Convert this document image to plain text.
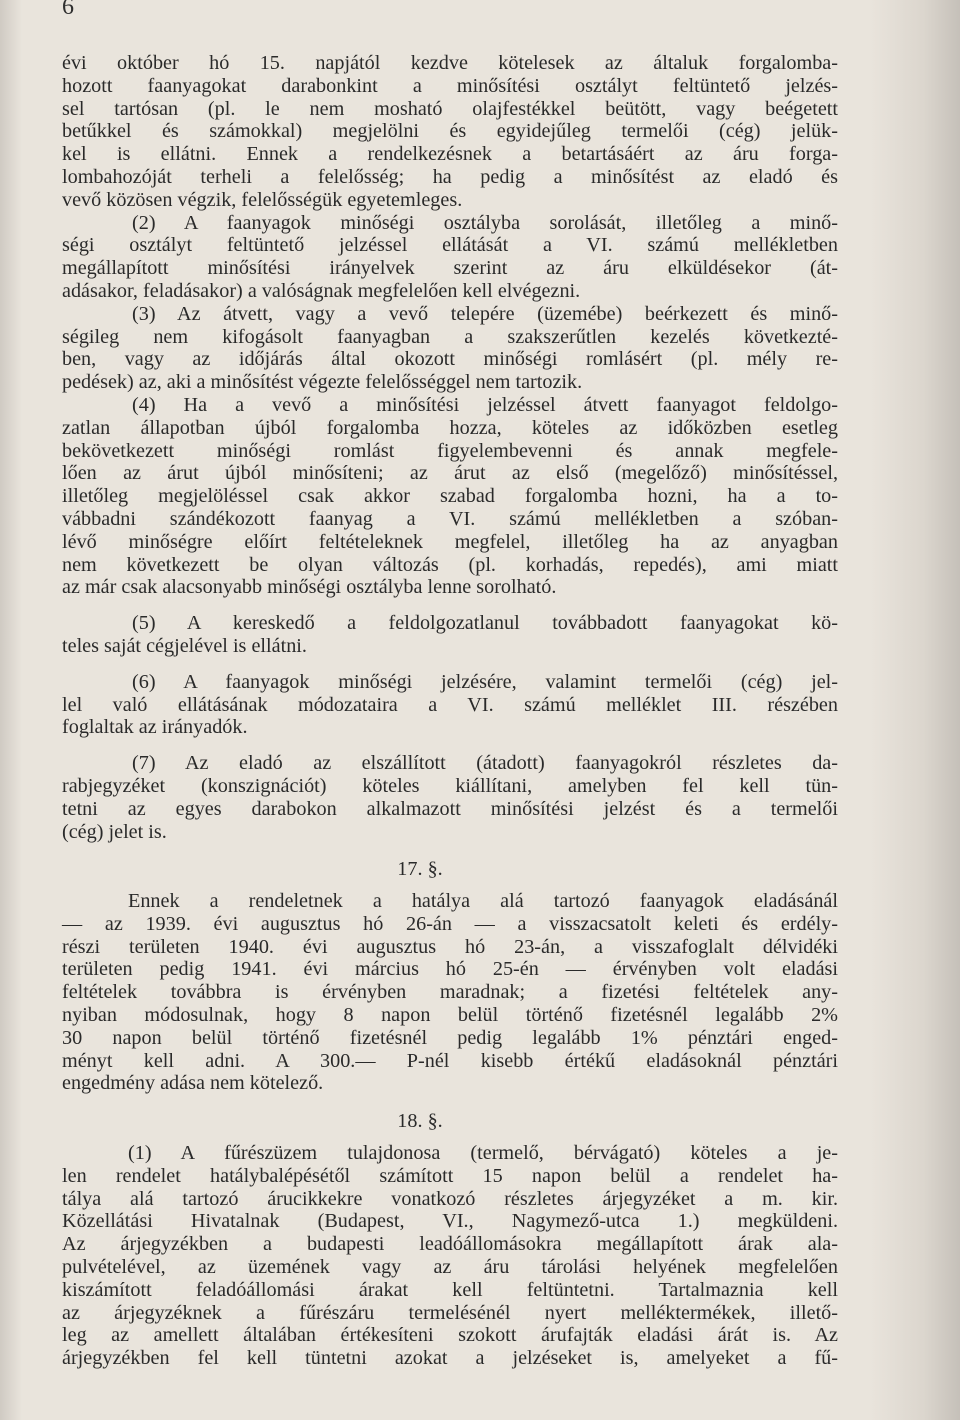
6
évi október hó 15. napjától kezdve kötelesek az általuk forgalomba-
hozott faanyagokat darabonkint a minősítési osztályt feltüntető jelzés-
sel tartósan (pl. le nem mosható olajfestékkel beütött, vagy beégetett
betűkkel és számokkal) megjelölni és egyidejűleg termelői (cég) jelük-
kel is ellátni. Ennek a rendelkezésnek a betartásáért az áru forga-
lombahozóját terheli a felelősség; ha pedig a minősítést az eladó és
vevő közösen végzik, felelősségük egyetemleges.
(2) A faanyagok minőségi osztályba sorolását, illetőleg a minő-
ségi osztályt feltüntető jelzéssel ellátását a VI. számú mellékletben
megállapított minősítési irányelvek szerint az áru elküldésekor (át-
adásakor, feladásakor) a valóságnak megfelelően kell elvégezni.
(3) Az átvett, vagy a vevő telepére (üzemébe) beérkezett és minő-
ségileg nem kifogásolt faanyagban a szakszerűtlen kezelés következté-
ben, vagy az időjárás által okozott minőségi romlásért (pl. mély re-
pedések) az, aki a minősítést végezte felelősséggel nem tartozik.
(4) Ha a vevő a minősítési jelzéssel átvett faanyagot feldolgo-
zatlan állapotban újból forgalomba hozza, köteles az időközben esetleg
bekövetkezett minőségi romlást figyelembevenni és annak megfele-
lően az árut újból minősíteni; az árut az első (megelőző) minősítéssel,
illetőleg megjelöléssel csak akkor szabad forgalomba hozni, ha a to-
vábbadni szándékozott faanyag a VI. számú mellékletben a szóban-
lévő minőségre előírt feltételeknek megfelel, illetőleg ha az anyagban
nem következett be olyan változás (pl. korhadás, repedés), ami miatt
az már csak alacsonyabb minőségi osztályba lenne sorolható.
(5) A kereskedő a feldolgozatlanul továbbadott faanyagokat kö-
teles saját cégjelével is ellátni.
(6) A faanyagok minőségi jelzésére, valamint termelői (cég) jel-
lel való ellátásának módozataira a VI. számú melléklet III. részében
foglaltak az irányadók.
(7) Az eladó az elszállított (átadott) faanyagokról részletes da-
rabjegyzéket (konszignációt) köteles kiállítani, amelyben fel kell tün-
tetni az egyes darabokon alkalmazott minősítési jelzést és a termelői
(cég) jelet is.
17. §.
Ennek a rendeletnek a hatálya alá tartozó faanyagok eladásánál
— az 1939. évi augusztus hó 26-án — a visszacsatolt keleti és erdély-
részi területen 1940. évi augusztus hó 23-án, a visszafoglalt délvidéki
területen pedig 1941. évi március hó 25-én — érvényben volt eladási
feltételek továbbra is érvényben maradnak; a fizetési feltételek any-
nyiban módosulnak, hogy 8 napon belül történő fizetésnél legalább 2%
30 napon belül történő fizetésnél pedig legalább 1% pénztári enged-
ményt kell adni. A 300.— P-nél kisebb értékű eladásoknál pénztári
engedmény adása nem kötelező.
18. §.
(1) A fűrészüzem tulajdonosa (termelő, bérvágató) köteles a je-
len rendelet hatálybalépésétől számított 15 napon belül a rendelet ha-
tálya alá tartozó árucikkekre vonatkozó részletes árjegyzéket a m. kir.
Közellátási Hivatalnak (Budapest, VI., Nagymező-utca 1.) megküldeni.
Az árjegyzékben a budapesti leadóállomásokra megállapított árak ala-
pulvételével, az üzemének vagy az áru tárolási helyének megfelelően
kiszámított feladóállomási árakat kell feltüntetni. Tartalmaznia kell
az árjegyzéknek a fűrészáru termelésénél nyert melléktermékek, illető-
leg az amellett általában értékesíteni szokott árufajták eladási árát is. Az
árjegyzékben fel kell tüntetni azokat a jelzéseket is, amelyeket a fű-
